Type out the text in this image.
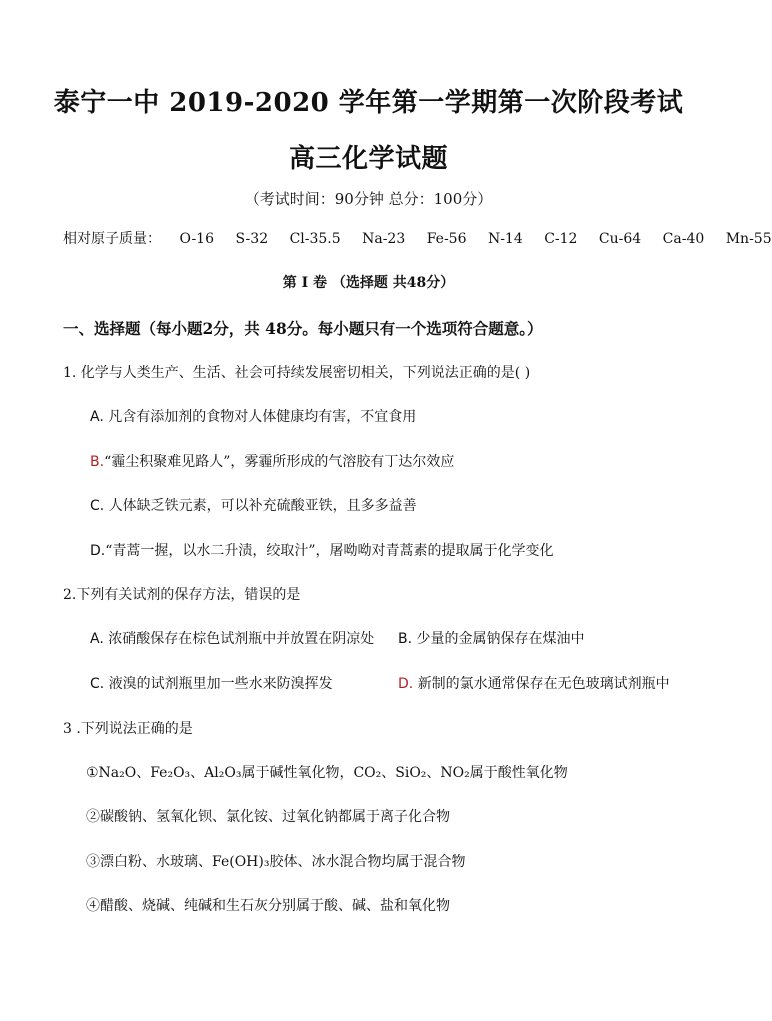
泰宁一中 2019-2020 学年第一学期第一次阶段考试
高三化学试题
（考试时间：90分钟 总分：100分）
相对原子质量： O-16 S-32 Cl-35.5 Na-23 Fe-56 N-14 C-12 Cu-64 Ca-40 Mn-55
第 I 卷 （选择题 共48分）
一、选择题（每小题2分，共 48分。每小题只有一个选项符合题意。）
1. 化学与人类生产、生活、社会可持续发展密切相关，下列说法正确的是( )
A. 凡含有添加剂的食物对人体健康均有害，不宜食用
B.“霾尘积聚难见路人”，雾霾所形成的气溶胶有丁达尔效应
C. 人体缺乏铁元素，可以补充硫酸亚铁，且多多益善
D.“青蒿一握，以水二升渍，绞取汁”，屠呦呦对青蒿素的提取属于化学变化
2.下列有关试剂的保存方法，错误的是
A. 浓硝酸保存在棕色试剂瓶中并放置在阴凉处 B. 少量的金属钠保存在煤油中
C. 液溴的试剂瓶里加一些水来防溴挥发	D. 新制的氯水通常保存在无色玻璃试剂瓶中
3 .下列说法正确的是
①Na₂O、Fe₂O₃、Al₂O₃属于碱性氧化物，CO₂、SiO₂、NO₂属于酸性氧化物
②碳酸钠、氢氧化钡、氯化铵、过氧化钠都属于离子化合物
③漂白粉、水玻璃、Fe(OH)₃胶体、冰水混合物均属于混合物
④醋酸、烧碱、纯碱和生石灰分别属于酸、碱、盐和氧化物
